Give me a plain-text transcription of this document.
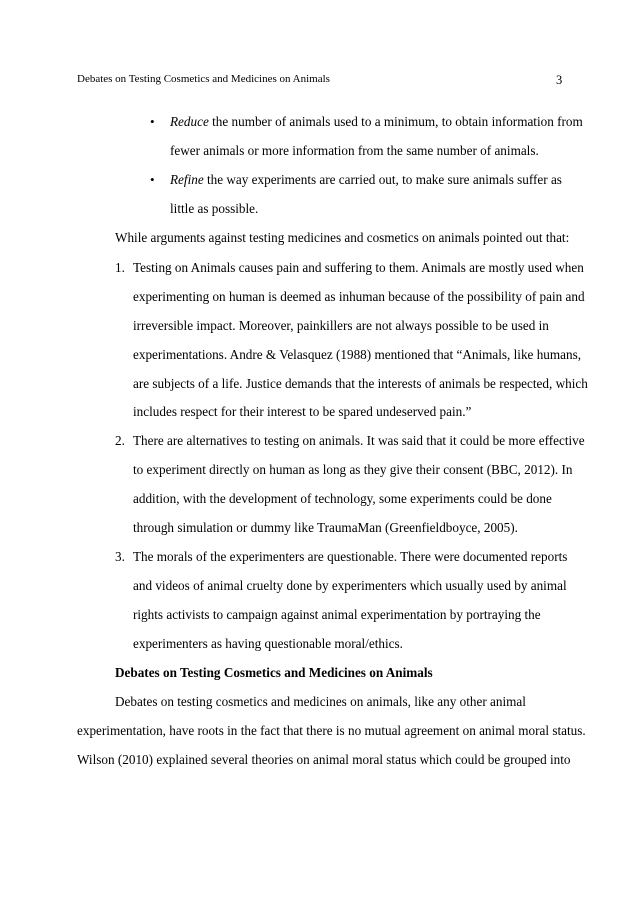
Debates on Testing Cosmetics and Medicines on Animals	3
• Reduce the number of animals used to a minimum, to obtain information from
fewer animals or more information from the same number of animals.
• Refine the way experiments are carried out, to make sure animals suffer as
little as possible.
While arguments against testing medicines and cosmetics on animals pointed out that:
1. Testing on Animals causes pain and suffering to them. Animals are mostly used when
experimenting on human is deemed as inhuman because of the possibility of pain and
irreversible impact. Moreover, painkillers are not always possible to be used in
experimentations. Andre & Velasquez (1988) mentioned that “Animals, like humans,
are subjects of a life. Justice demands that the interests of animals be respected, which
includes respect for their interest to be spared undeserved pain.”
2. There are alternatives to testing on animals. It was said that it could be more effective
to experiment directly on human as long as they give their consent (BBC, 2012). In
addition, with the development of technology, some experiments could be done
through simulation or dummy like TraumaMan (Greenfieldboyce, 2005).
3. The morals of the experimenters are questionable. There were documented reports
and videos of animal cruelty done by experimenters which usually used by animal
rights activists to campaign against animal experimentation by portraying the
experimenters as having questionable moral/ethics.
Debates on Testing Cosmetics and Medicines on Animals
Debates on testing cosmetics and medicines on animals, like any other animal
experimentation, have roots in the fact that there is no mutual agreement on animal moral status.
Wilson (2010) explained several theories on animal moral status which could be grouped into
